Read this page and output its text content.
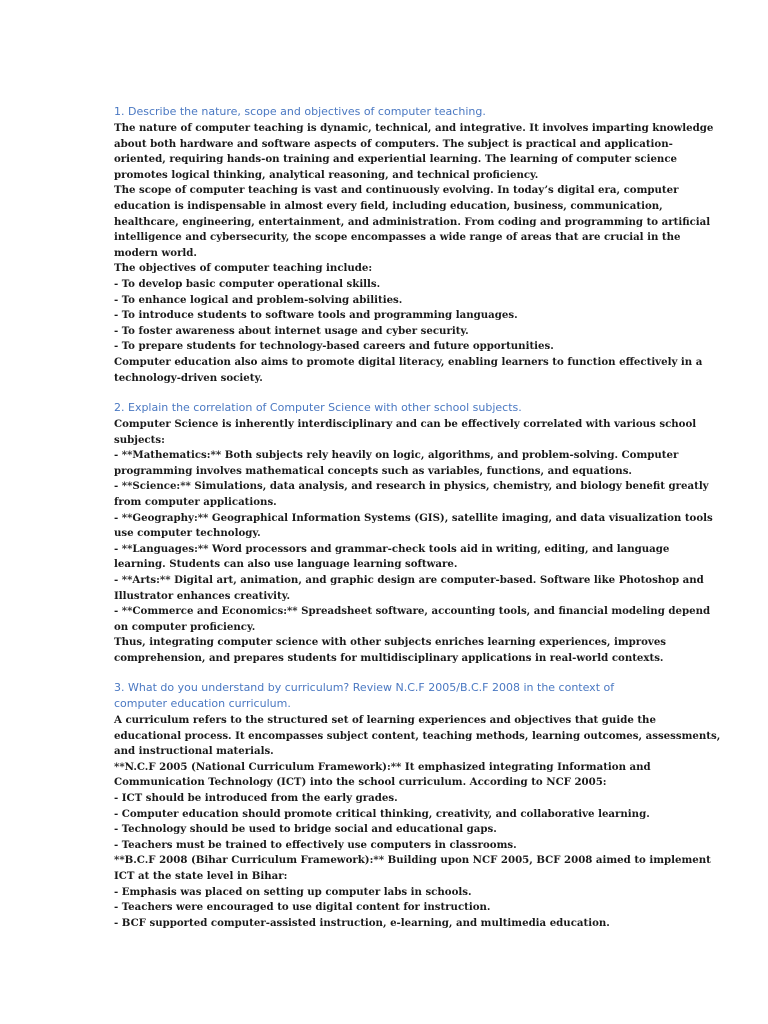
1. Describe the nature, scope and objectives of computer teaching.
The nature of computer teaching is dynamic, technical, and integrative. It involves imparting knowledge
about both hardware and software aspects of computers. The subject is practical and application-
oriented, requiring hands-on training and experiential learning. The learning of computer science
promotes logical thinking, analytical reasoning, and technical proficiency.
The scope of computer teaching is vast and continuously evolving. In today’s digital era, computer
education is indispensable in almost every field, including education, business, communication,
healthcare, engineering, entertainment, and administration. From coding and programming to artificial
intelligence and cybersecurity, the scope encompasses a wide range of areas that are crucial in the
modern world.
The objectives of computer teaching include:
- To develop basic computer operational skills.
- To enhance logical and problem-solving abilities.
- To introduce students to software tools and programming languages.
- To foster awareness about internet usage and cyber security.
- To prepare students for technology-based careers and future opportunities.
Computer education also aims to promote digital literacy, enabling learners to function effectively in a
technology-driven society.
2. Explain the correlation of Computer Science with other school subjects.
Computer Science is inherently interdisciplinary and can be effectively correlated with various school
subjects:
- **Mathematics:** Both subjects rely heavily on logic, algorithms, and problem-solving. Computer
programming involves mathematical concepts such as variables, functions, and equations.
- **Science:** Simulations, data analysis, and research in physics, chemistry, and biology benefit greatly
from computer applications.
- **Geography:** Geographical Information Systems (GIS), satellite imaging, and data visualization tools
use computer technology.
- **Languages:** Word processors and grammar-check tools aid in writing, editing, and language
learning. Students can also use language learning software.
- **Arts:** Digital art, animation, and graphic design are computer-based. Software like Photoshop and
Illustrator enhances creativity.
- **Commerce and Economics:** Spreadsheet software, accounting tools, and financial modeling depend
on computer proficiency.
Thus, integrating computer science with other subjects enriches learning experiences, improves
comprehension, and prepares students for multidisciplinary applications in real-world contexts.
3. What do you understand by curriculum? Review N.C.F 2005/B.C.F 2008 in the context of computer education curriculum.
A curriculum refers to the structured set of learning experiences and objectives that guide the
educational process. It encompasses subject content, teaching methods, learning outcomes, assessments,
and instructional materials.
**N.C.F 2005 (National Curriculum Framework):** It emphasized integrating Information and
Communication Technology (ICT) into the school curriculum. According to NCF 2005:
- ICT should be introduced from the early grades.
- Computer education should promote critical thinking, creativity, and collaborative learning.
- Technology should be used to bridge social and educational gaps.
- Teachers must be trained to effectively use computers in classrooms.
**B.C.F 2008 (Bihar Curriculum Framework):** Building upon NCF 2005, BCF 2008 aimed to implement
ICT at the state level in Bihar:
- Emphasis was placed on setting up computer labs in schools.
- Teachers were encouraged to use digital content for instruction.
- BCF supported computer-assisted instruction, e-learning, and multimedia education.
